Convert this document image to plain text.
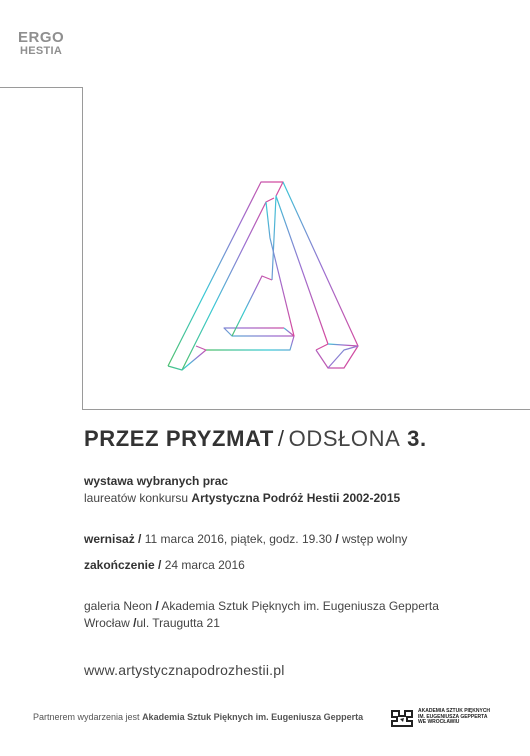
ERGO
HESTIA
PRZEZ PRYZMAT / ODSŁONA 3.
wystawa wybranych prac
laureatów konkursu Artystyczna Podróż Hestii 2002-2015
wernisaż / 11 marca 2016, piątek, godz. 19.30 / wstęp wolny
zakończenie / 24 marca 2016
galeria Neon / Akademia Sztuk Pięknych im. Eugeniusza Gepperta
Wrocław /ul. Traugutta 21
www.artystycznapodrozhestii.pl
Partnerem wydarzenia jest Akademia Sztuk Pięknych im. Eugeniusza Gepperta
AKADEMIA SZTUK PIĘKNYCH
IM. EUGENIUSZA GEPPERTA
WE WROCŁAWIU
